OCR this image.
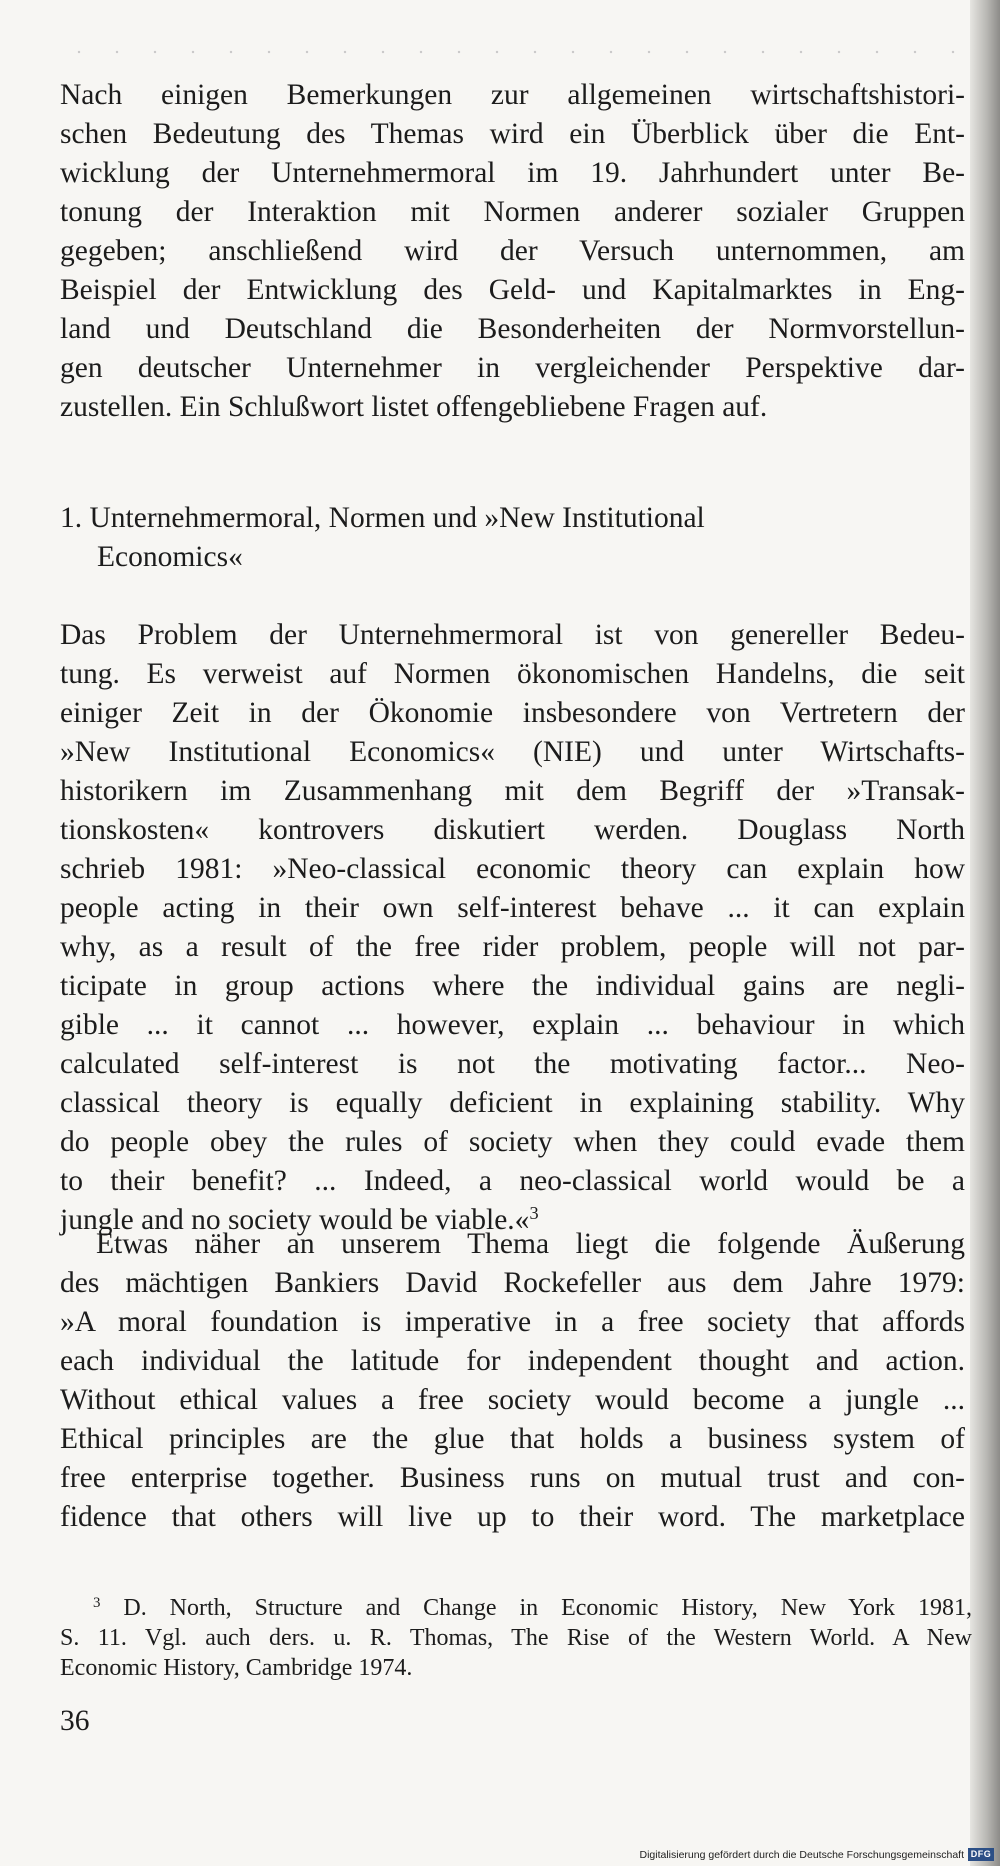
Nach einigen Bemerkungen zur allgemeinen wirtschaftshistori-
schen Bedeutung des Themas wird ein Überblick über die Ent-
wicklung der Unternehmermoral im 19. Jahrhundert unter Be-
tonung der Interaktion mit Normen anderer sozialer Gruppen
gegeben; anschließend wird der Versuch unternommen, am
Beispiel der Entwicklung des Geld- und Kapitalmarktes in Eng-
land und Deutschland die Besonderheiten der Normvorstellun-
gen deutscher Unternehmer in vergleichender Perspektive dar-
zustellen. Ein Schlußwort listet offengebliebene Fragen auf.
1. Unternehmermoral, Normen und »New Institutional
Economics«
Das Problem der Unternehmermoral ist von genereller Bedeu-
tung. Es verweist auf Normen ökonomischen Handelns, die seit
einiger Zeit in der Ökonomie insbesondere von Vertretern der
»New Institutional Economics« (NIE) und unter Wirtschafts-
historikern im Zusammenhang mit dem Begriff der »Transak-
tionskosten« kontrovers diskutiert werden. Douglass North
schrieb 1981: »Neo-classical economic theory can explain how
people acting in their own self-interest behave ... it can explain
why, as a result of the free rider problem, people will not par-
ticipate in group actions where the individual gains are negli-
gible ... it cannot ... however, explain ... behaviour in which
calculated self-interest is not the motivating factor... Neo-
classical theory is equally deficient in explaining stability. Why
do people obey the rules of society when they could evade them
to their benefit? ... Indeed, a neo-classical world would be a
jungle and no society would be viable.«$^3$
Etwas näher an unserem Thema liegt die folgende Äußerung
des mächtigen Bankiers David Rockefeller aus dem Jahre 1979:
»A moral foundation is imperative in a free society that affords
each individual the latitude for independent thought and action.
Without ethical values a free society would become a jungle ...
Ethical principles are the glue that holds a business system of
free enterprise together. Business runs on mutual trust and con-
fidence that others will live up to their word. The marketplace
$^3$ D. North, Structure and Change in Economic History, New York 1981,
S. 11. Vgl. auch ders. u. R. Thomas, The Rise of the Western World. A New
Economic History, Cambridge 1974.
36
Digitalisierung gefördert durch die Deutsche Forschungsgemeinschaft DFG
